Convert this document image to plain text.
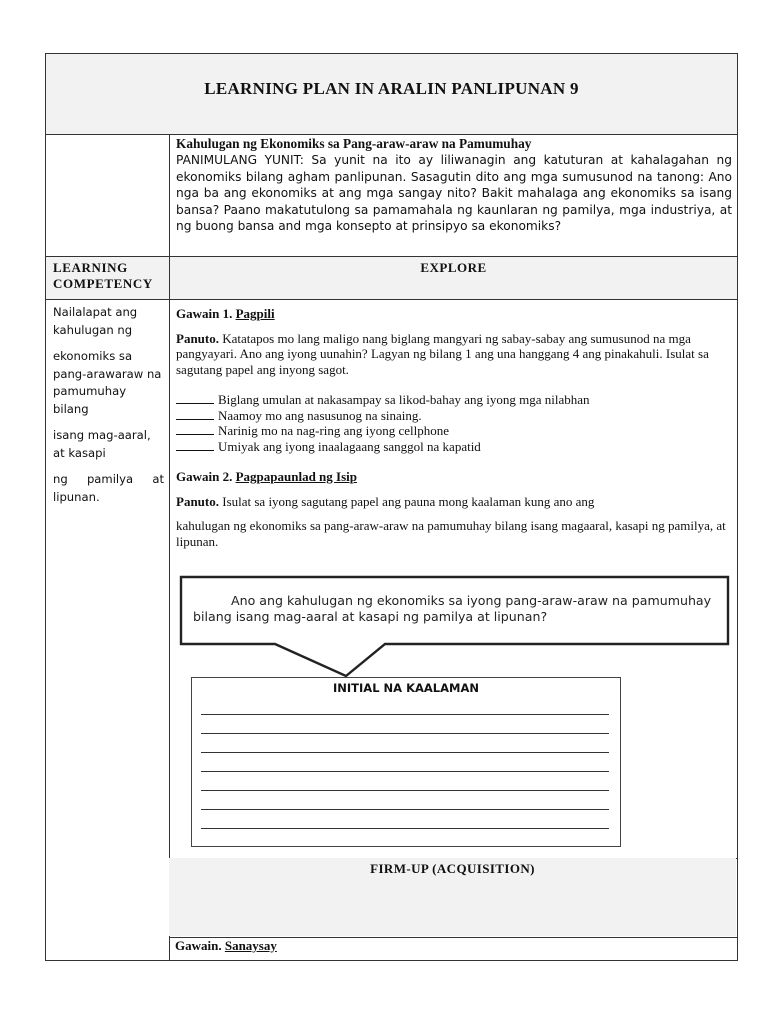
LEARNING PLAN IN ARALIN PANLIPUNAN 9
Kahulugan ng Ekonomiks sa Pang-araw-araw na Pamumuhay

PANIMULANG YUNIT: Sa yunit na ito ay liliwanagin ang katuturan at kahalagahan ng ekonomiks bilang agham panlipunan. Sasagutin dito ang mga sumusunod na tanong: Ano nga ba ang ekonomiks at ang mga sangay nito? Bakit mahalaga ang ekonomiks sa isang bansa? Paano makatutulong sa pamamahala ng kaunlaran ng pamilya, mga industriya, at ng buong bansa and mga konsepto at prinsipyo sa ekonomiks?

LEARNING
COMPETENCY
EXPLORE

Nailalapat ang kahulugan ng

ekonomiks sa pang-arawaraw na pamumuhay bilang

isang mag-aaral, at kasapi

ng pamilya at lipunan.

Gawain 1. Pagpili

Panuto. Katatapos mo lang maligo nang biglang mangyari ng sabay-sabay ang sumusunod na mga pangyayari. Ano ang iyong uunahin? Lagyan ng bilang 1 ang una hanggang 4 ang pinakahuli. Isulat sa sagutang papel ang inyong sagot.

Biglang umulan at nakasampay sa likod-bahay ang iyong mga nilabhan

Naamoy mo ang nasusunog na sinaing.

Narinig mo na nag-ring ang iyong cellphone

Umiyak ang iyong inaalagaang sanggol na kapatid

Gawain 2. Pagpapaunlad ng Isip

Panuto. Isulat sa iyong sagutang papel ang pauna mong kaalaman kung ano ang

kahulugan ng ekonomiks sa pang-araw-araw na pamumuhay bilang isang magaaral, kasapi ng pamilya, at lipunan.

Ano ang kahulugan ng ekonomiks sa iyong pang-araw-araw na pamumuhay
bilang isang mag-aaral at kasapi ng pamilya at lipunan?
INITIAL NA KAALAMAN
FIRM-UP (ACQUISITION)
Gawain. Sanaysay
